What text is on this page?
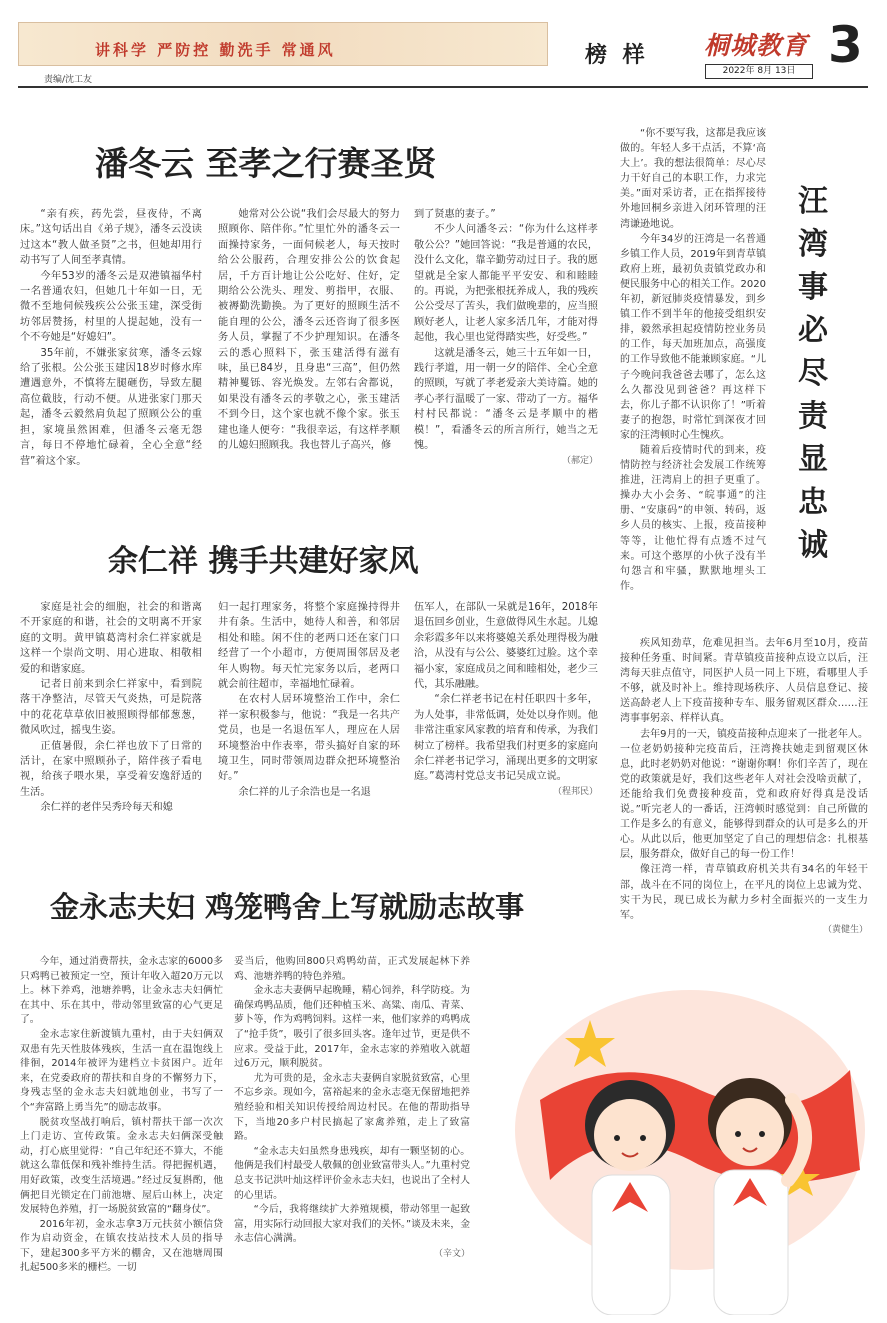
讲科学 严防控 勤洗手 常通风
责编/沈工友
榜 样 桐城教育 3
2022年 8月 13日
潘冬云 至孝之行赛圣贤

“亲有疾，药先尝，昼夜侍，不离床。”这句话出自《弟子规》，潘冬云没读过这本“教人做圣贤”之书，但她却用行动书写了人间至孝真情。

今年53岁的潘冬云是双港镇福华村一名普通农妇，但她几十年如一日，无微不至地伺候残疾公公张玉建，深受街坊邻居赞扬，村里的人提起她，没有一个不夸她是“好媳妇”。

35年前，不嫌张家贫寒，潘冬云嫁给了张根。公公张玉建因18岁时修水库遭遇意外，不慎将左腿砸伤，导致左腿高位截肢，行动不便。从进张家门那天起，潘冬云毅然肩负起了照顾公公的重担，家境虽然困难，但潘冬云毫无怨言，每日不停地忙碌着，全心全意“经营”着这个家。

她常对公公说“我们会尽最大的努力照顾你、陪伴你。”忙里忙外的潘冬云一面操持家务，一面伺候老人，每天按时给公公服药，合理安排公公的饮食起居，千方百计地让公公吃好、住好，定期给公公洗头、理发、剪指甲，衣服、被褥勤洗勤换。为了更好的照顾生活不能自理的公公，潘冬云还咨询了很多医务人员，掌握了不少护理知识。在潘冬云的悉心照料下，张玉建活得有滋有味，虽已84岁，且身患“三高”，但仍然精神矍铄、容光焕发。左邻右舍都说，如果没有潘冬云的孝敬之心，张玉建活不到今日，这个家也就不像个家。张玉建也逢人便夸：“我很幸运，有这样孝顺的儿媳妇照顾我。我也替儿子高兴，修

到了贤惠的妻子。”

不少人问潘冬云：“你为什么这样孝敬公公？”她回答说：“我是普通的农民，没什么文化，靠辛勤劳动过日子。我的愿望就是全家人都能平平安安、和和睦睦的。再说，为把张根抚养成人，我的残疾公公受尽了苦头，我们做晚辈的，应当照顾好老人，让老人家多活几年，才能对得起他，我心里也觉得踏实些，好受些。”

这就是潘冬云，她三十五年如一日，践行孝道，用一朝一夕的陪伴、全心全意的照顾，写就了孝老爱亲大美诗篇。她的孝心孝行温暖了一家、带动了一方。福华村村民都说：“潘冬云是孝顺中的楷模！”，看潘冬云的所言所行，她当之无愧。

（郝定）
余仁祥 携手共建好家风

家庭是社会的细胞，社会的和谐离不开家庭的和谐，社会的文明离不开家庭的文明。黄甲镇葛湾村余仁祥家就是这样一个崇尚文明、用心进取、相敬相爱的和谐家庭。

记者日前来到余仁祥家中，看到院落干净整洁，尽管天气炎热，可是院落中的花花草草依旧被照顾得郁郁葱葱，微风吹过，摇曳生姿。

正值暑假，余仁祥也放下了日常的活计，在家中照顾孙子，陪伴孩子看电视，给孩子喂水果，享受着安逸舒适的生活。

余仁祥的老伴吴秀玲每天和媳

妇一起打理家务，将整个家庭操持得井井有条。生活中，她待人和善，和邻居相处和睦。闲不住的老两口还在家门口经营了一个小超市，方便周围邻居及老年人购物。每天忙完家务以后，老两口就会前往超市，幸福地忙碌着。

在农村人居环境整治工作中，余仁祥一家积极参与，他说：“我是一名共产党员，也是一名退伍军人，理应在人居环境整治中作表率，带头搞好自家的环境卫生，同时带领周边群众把环境整治好。”

余仁祥的儿子余浩也是一名退

伍军人，在部队一呆就是16年，2018年退伍回乡创业，生意做得风生水起。儿媳余彩霞多年以来将婆媳关系处理得极为融洽，从没有与公公、婆婆红过脸。这个幸福小家，家庭成员之间和睦相处，老少三代，其乐融融。

“余仁祥老书记在村任职四十多年，为人处事，非常低调，处处以身作则。他非常注重家风家教的培育和传承，为我们树立了榜样。我希望我们村更多的家庭向余仁祥老书记学习，涌现出更多的文明家庭。”葛湾村党总支书记吴成立说。

（程邦民）
金永志夫妇 鸡笼鸭舍上写就励志故事

今年，通过消费帮扶，金永志家的6000多只鸡鸭已被预定一空，预计年收入超20万元以上。林下养鸡，池塘养鸭，让金永志夫妇俩忙在其中、乐在其中，带动邻里致富的心气更足了。

金永志家住新渡镇九重村，由于夫妇俩双双患有先天性肢体残疾，生活一直在温饱线上徘徊，2014年被评为建档立卡贫困户。近年来，在党委政府的帮扶和自身的不懈努力下，身残志坚的金永志夫妇就地创业，书写了一个“奔富路上勇当先”的励志故事。

脱贫攻坚战打响后，镇村帮扶干部一次次上门走访、宣传政策。金永志夫妇俩深受触动，打心底里觉得：“自己年纪还不算大，不能就这么靠低保和残补维持生活。得把握机遇，用好政策，改变生活境遇。”经过反复斟酌，他俩把目光锁定在门前池塘、屋后山林上，决定发展特色养殖，打一场脱贫致富的“翻身仗”。

2016年初，金永志拿3万元扶贫小额信贷作为启动资金，在镇农技站技术人员的指导下，建起300多平方米的棚舍，又在池塘周围扎起500多米的栅栏。一切

妥当后，他购回800只鸡鸭幼苗，正式发展起林下养鸡、池塘养鸭的特色养殖。

金永志夫妻俩早起晚睡，精心饲养，科学防疫。为确保鸡鸭品质，他们还种植玉米、高粱、南瓜、青菜、萝卜等，作为鸡鸭饲料。这样一来，他们家养的鸡鸭成了“抢手货”，吸引了很多回头客。逢年过节，更是供不应求。受益于此，2017年，金永志家的养殖收入就超过6万元，顺利脱贫。

尤为可贵的是，金永志夫妻俩自家脱贫致富，心里不忘乡亲。现如今，富裕起来的金永志毫无保留地把养殖经验和相关知识传授给周边村民。在他的帮助指导下，当地20多户村民搞起了家禽养殖，走上了致富路。

“金永志夫妇虽然身患残疾，却有一颗坚韧的心。他俩是我们村最受人敬佩的创业致富带头人。”九重村党总支书记洪叶灿这样评价金永志夫妇，也说出了全村人的心里话。

“今后，我将继续扩大养殖规模，带动邻里一起致富，用实际行动回报大家对我们的关怀。”谈及未来，金永志信心满满。

（辛文）
汪湾 事必尽责显忠诚

“你不要写我，这都是我应该做的。年轻人多干点活，不算‘高大上’。我的想法很简单：尽心尽力干好自己的本职工作，力求完美。”面对采访者，正在指挥接待外地回桐乡亲进入闭环管理的汪湾谦逊地说。

今年34岁的汪湾是一名普通乡镇工作人员，2019年到青草镇政府上班，最初负责镇党政办和便民服务中心的相关工作。2020年初，新冠肺炎疫情暴发，到乡镇工作不到半年的他接受组织安排，毅然承担起疫情防控业务员的工作，每天加班加点，高强度的工作导致他不能兼顾家庭。“儿子今晚问我爸爸去哪了，怎么这么久都没见到爸爸？再这样下去，你儿子都不认识你了！”听着妻子的抱怨，时常忙到深夜才回家的汪湾顿时心生愧疚。

随着后疫情时代的到来，疫情防控与经济社会发展工作统筹推进，汪湾肩上的担子更重了。操办大小会务、“皖事通”的注册、“安康码”的申领、转码，返乡人员的核实、上报，疫苗接种等等，让他忙得有点透不过气来。可这个憨厚的小伙子没有半句怨言和牢骚，默默地埋头工作。

疾风知劲草，危难见担当。去年6月至10月，疫苗接种任务重、时间紧。青草镇疫苗接种点设立以后，汪湾每天驻点值守，同医护人员一同上下班，看哪里人手不够，就及时补上。维持现场秩序、人员信息登记、接送高龄老人上下疫苗接种专车、服务留观区群众……汪湾事事躬亲、样样认真。

去年9月的一天，镇疫苗接种点迎来了一批老年人。一位老奶奶接种完疫苗后，汪湾搀扶她走到留观区休息，此时老奶奶对他说：“谢谢你啊！你们辛苦了，现在党的政策就是好，我们这些老年人对社会没啥贡献了，还能给我们免费接种疫苗，党和政府好得真是没话说。”听完老人的一番话，汪湾顿时感觉到：自己所做的工作是多么的有意义，能够得到群众的认可是多么的开心。从此以后，他更加坚定了自己的理想信念：扎根基层，服务群众，做好自己的每一份工作！

像汪湾一样，青草镇政府机关共有34名的年轻干部，战斗在不同的岗位上，在平凡的岗位上忠诚为党、实干为民，现已成长为献力乡村全面振兴的一支生力军。

（黄健生）
